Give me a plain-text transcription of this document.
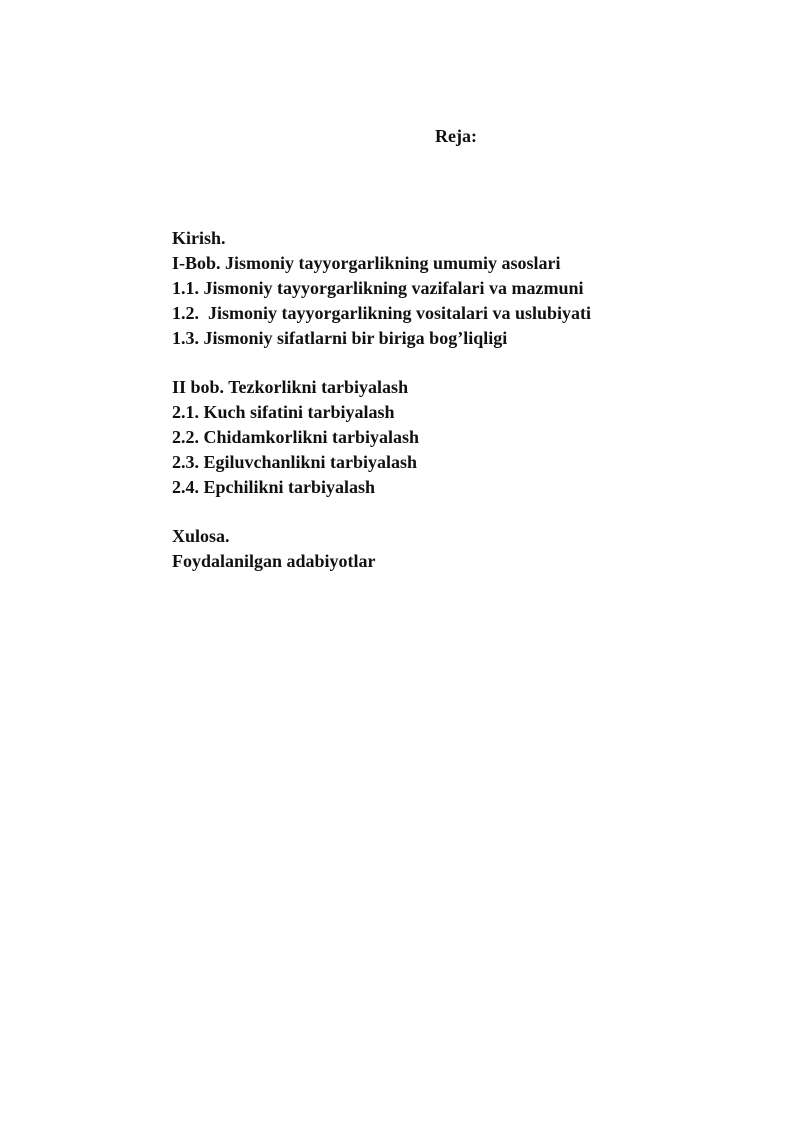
Reja:
Kirish.
I-Bob. Jismoniy tayyorgarlikning umumiy asoslari
1.1. Jismoniy tayyorgarlikning vazifalari va mazmuni
1.2.  Jismoniy tayyorgarlikning vositalari va uslubiyati
1.3. Jismoniy sifatlarni bir biriga bog’liqligi
II bob. Tezkorlikni tarbiyalash
2.1. Kuch sifatini tarbiyalash
2.2. Chidamkorlikni tarbiyalash
2.3. Egiluvchanlikni tarbiyalash
2.4. Epchilikni tarbiyalash
Xulosa.
Foydalanilgan adabiyotlar
